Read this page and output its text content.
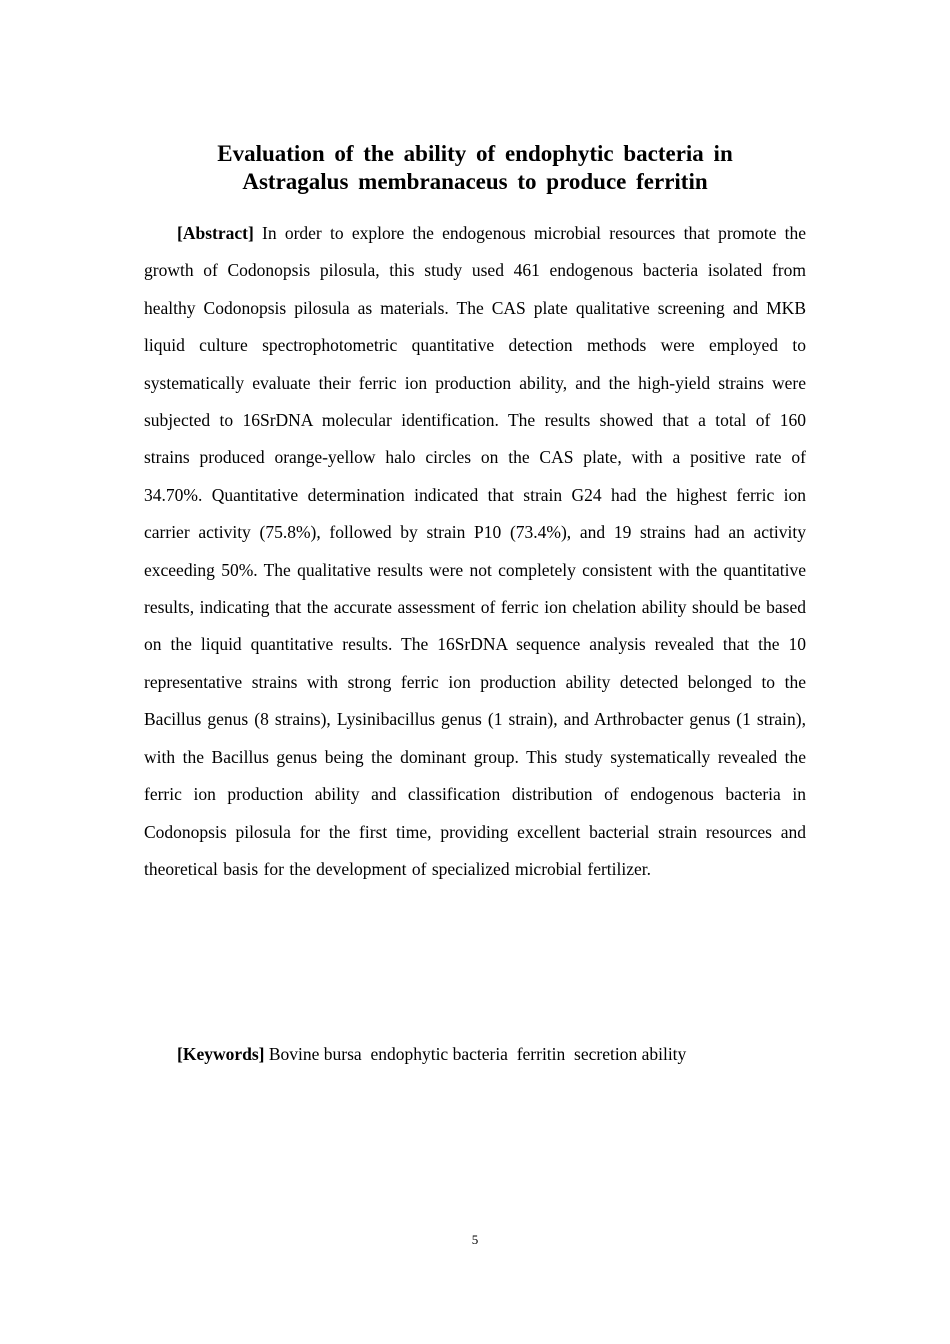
Evaluation of the ability of endophytic bacteria in
Astragalus membranaceus to produce ferritin

[Abstract] In order to explore the endogenous microbial resources that promote the growth of Codonopsis pilosula, this study used 461 endogenous bacteria isolated from healthy Codonopsis pilosula as materials. The CAS plate qualitative screening and MKB liquid culture spectrophotometric quantitative detection methods were employed to systematically evaluate their ferric ion production ability, and the high-yield strains were subjected to 16SrDNA molecular identification. The results showed that a total of 160 strains produced orange-yellow halo circles on the CAS plate, with a positive rate of 34.70%. Quantitative determination indicated that strain G24 had the highest ferric ion carrier activity (75.8%), followed by strain P10 (73.4%), and 19 strains had an activity exceeding 50%. The qualitative results were not completely consistent with the quantitative results, indicating that the accurate assessment of ferric ion chelation ability should be based on the liquid quantitative results. The 16SrDNA sequence analysis revealed that the 10 representative strains with strong ferric ion production ability detected belonged to the Bacillus genus (8 strains), Lysinibacillus genus (1 strain), and Arthrobacter genus (1 strain), with the Bacillus genus being the dominant group. This study systematically revealed the ferric ion production ability and classification distribution of endogenous bacteria in Codonopsis pilosula for the first time, providing excellent bacterial strain resources and theoretical basis for the development of specialized microbial fertilizer.

[Keywords] Bovine bursa  endophytic bacteria  ferritin  secretion ability

5
